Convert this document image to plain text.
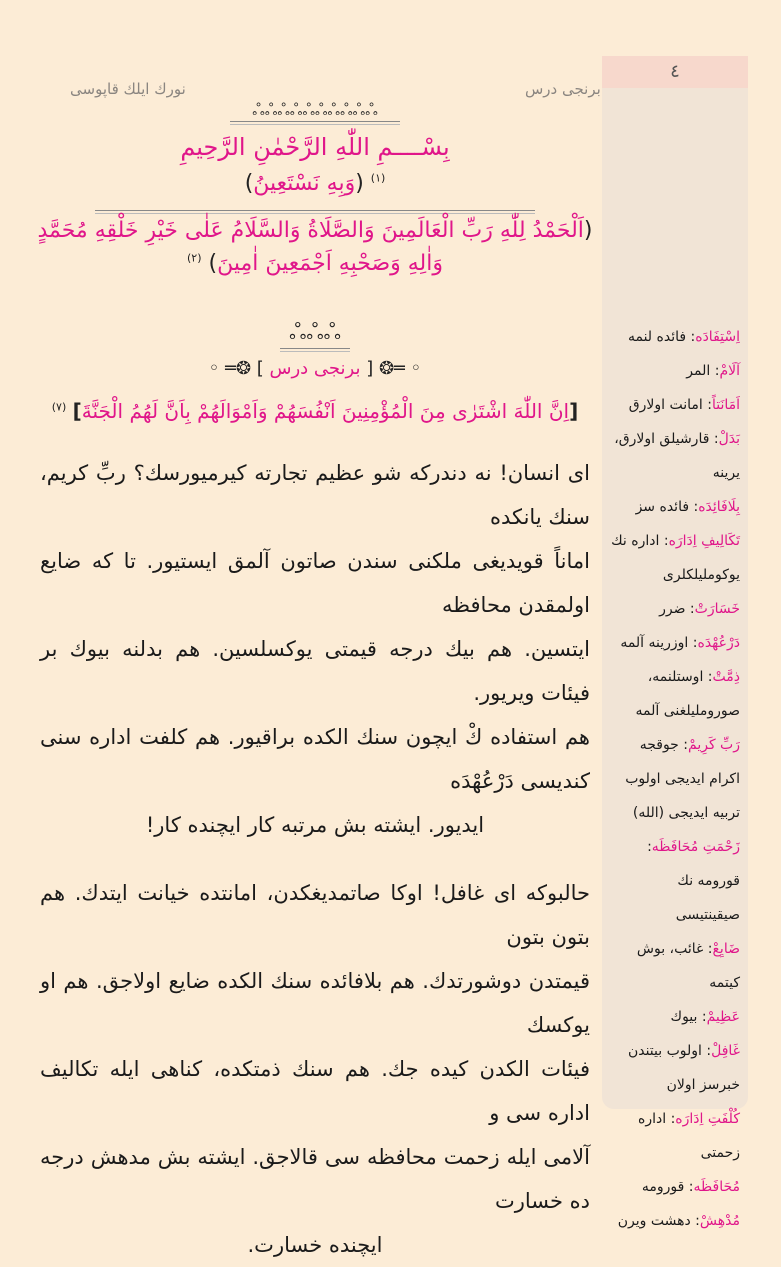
نورك ايلك قاپوسى	برنجى درس
ஃஃஃஃஃஃஃஃஃஃ
بِسْــــمِ اللّٰهِ الرَّحْمٰنِ الرَّحِيمِ
$^{(١)}$ (وَبِهِ نَسْتَعِينُ)
(اَلْحَمْدُ لِلّٰهِ رَبِّ الْعَالَمِينَ وَالصَّلَاةُ وَالسَّلَامُ عَلٰى خَيْرِ خَلْقِهِ مُحَمَّدٍ
وَاٰلِهِ وَصَحْبِهِ اَجْمَعِينَ اٰمِينَ) $^{(٢)}$
ஃஃஃ
◦ ═❂ [ برنجى درس ] ❂═ ◦
[اِنَّ اللّٰهَ اشْتَرٰى مِنَ الْمُؤْمِنِينَ اَنْفُسَهُمْ وَاَمْوَالَهُمْ بِاَنَّ لَهُمُ الْجَنَّةَ] $^{(٧)}$

اى انسان! نه دندركه شو عظيم تجارته كيرميورسك؟ ربِّ كريم، سنك يانكده

اماناً قويديغى ملكنى سندن صاتون آلمق ايستيور. تا كه ضايع اولمقدن محافظه

ايتسين. هم بيك درجه قيمتى يوكسلسين. هم بدلنه بيوك بر فيئات ويريور.

هم استفاده كْ ايچون سنك الكده براقيور. هم كلفت اداره سنى كنديسى دَرْعُهْدَه

ايديور. ايشته بش مرتبه كار ايچنده كار!

حالبوكه اى غافل! اوكا صاتمديغكدن، امانتده خيانت ايتدك. هم بتون بتون

قيمتدن دوشورتدك. هم بلافائده سنك الكده ضايع اولاجق. هم او يوكسك

فيئات الكدن كيده جك. هم سنك ذمتكده، كناهى ايله تكاليف اداره سى و

آلامى ايله زحمت محافظه سى قالاجق. ايشته بش مدهش درجه ده خسارت

ايچنده خسارت.

٤

اِسْتِفَادَه: فائده لنمه

آلَامْ: المر

اَمَانَتاً: امانت اولارق

بَدَلْ: قارشيلق اولارق، يرينه

بِلَافَائِدَه: فائده سز

تَكَالِيفِ اِدَارَه: اداره نك يوكومليلكلرى

خَسَارَتْ: ضرر

دَرْعُهْدَه: اوزرينه آلمه

ذِمَّتْ: اوستلنمه، صورومليلغنى آلمه

رَبِّ كَرِيمْ: جوقجه اكرام ايديجى اولوب تربيه ايديجى (الله)

زَحْمَتِ مُحَافَظَه: قورومه نك صيقينتيسى

ضَايِعْ: غائب، بوش كيتمه

عَظِيمْ: بيوك

غَافِلْ: اولوب بيتندن خبرسز اولان

كُلْفَتِ اِدَارَه: اداره زحمتى

مُحَافَظَه: قورومه

مُدْهِشْ: دهشت ويرن
